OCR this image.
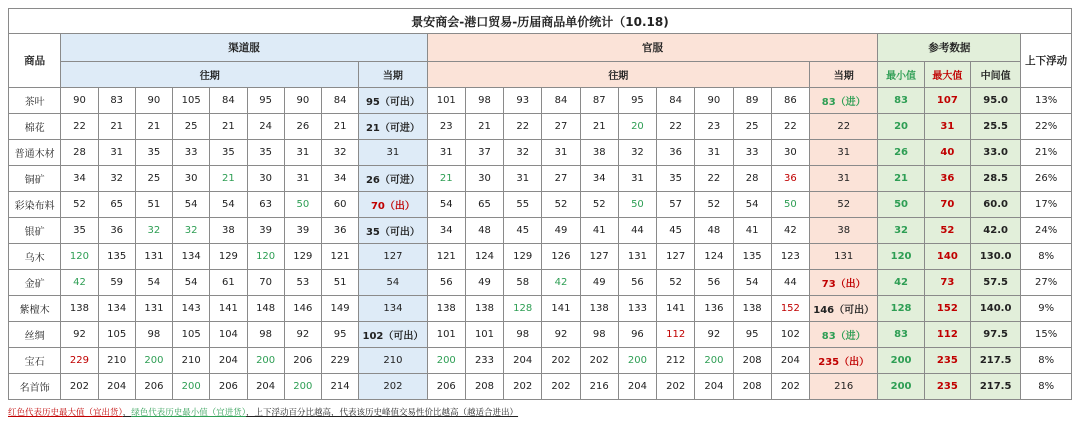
景安商会-港口贸易-历届商品单价统计（10.18)																								
商品	渠道服									官服											参考数据			上下浮动
	往期								当期	往期										当期	最小值	最大值	中间值	
茶叶	90	83	90	105	84	95	90	84	95（可出）	101	98	93	84	87	95	84	90	89	86	83（进）	83	107	95.0	13%
棉花	22	21	21	25	21	24	26	21	21（可进）	23	21	22	27	21	20	22	23	25	22	22	20	31	25.5	22%
普通木材	28	31	35	33	35	35	31	32	31	31	37	32	31	38	32	36	31	33	30	31	26	40	33.0	21%
铜矿	34	32	25	30	21	30	31	34	26（可进）	21	30	31	27	34	31	35	22	28	36	31	21	36	28.5	26%
彩染布料	52	65	51	54	54	63	50	60	70（出）	54	65	55	52	52	50	57	52	54	50	52	50	70	60.0	17%
银矿	35	36	32	32	38	39	39	36	35（可出）	34	48	45	49	41	44	45	48	41	42	38	32	52	42.0	24%
乌木	120	135	131	134	129	120	129	121	127	121	124	129	126	127	131	127	124	135	123	131	120	140	130.0	8%
金矿	42	59	54	54	61	70	53	51	54	56	49	58	42	49	56	52	56	54	44	73（出）	42	73	57.5	27%
紫檀木	138	134	131	143	141	148	146	149	134	138	138	128	141	138	133	141	136	138	152	146（可出）	128	152	140.0	9%
丝绸	92	105	98	105	104	98	92	95	102（可出）	101	101	98	92	98	96	112	92	95	102	83（进）	83	112	97.5	15%
宝石	229	210	200	210	204	200	206	229	210	200	233	204	202	202	200	212	200	208	204	235（出）	200	235	217.5	8%
名首饰	202	204	206	200	206	204	200	214	202	206	208	202	202	216	204	202	204	208	202	216	200	235	217.5	8%
红色代表历史最大值（宜出货），绿色代表历史最小值（宜进货），上下浮动百分比越高，代表该历史峰值交易性价比越高（越适合进出）
